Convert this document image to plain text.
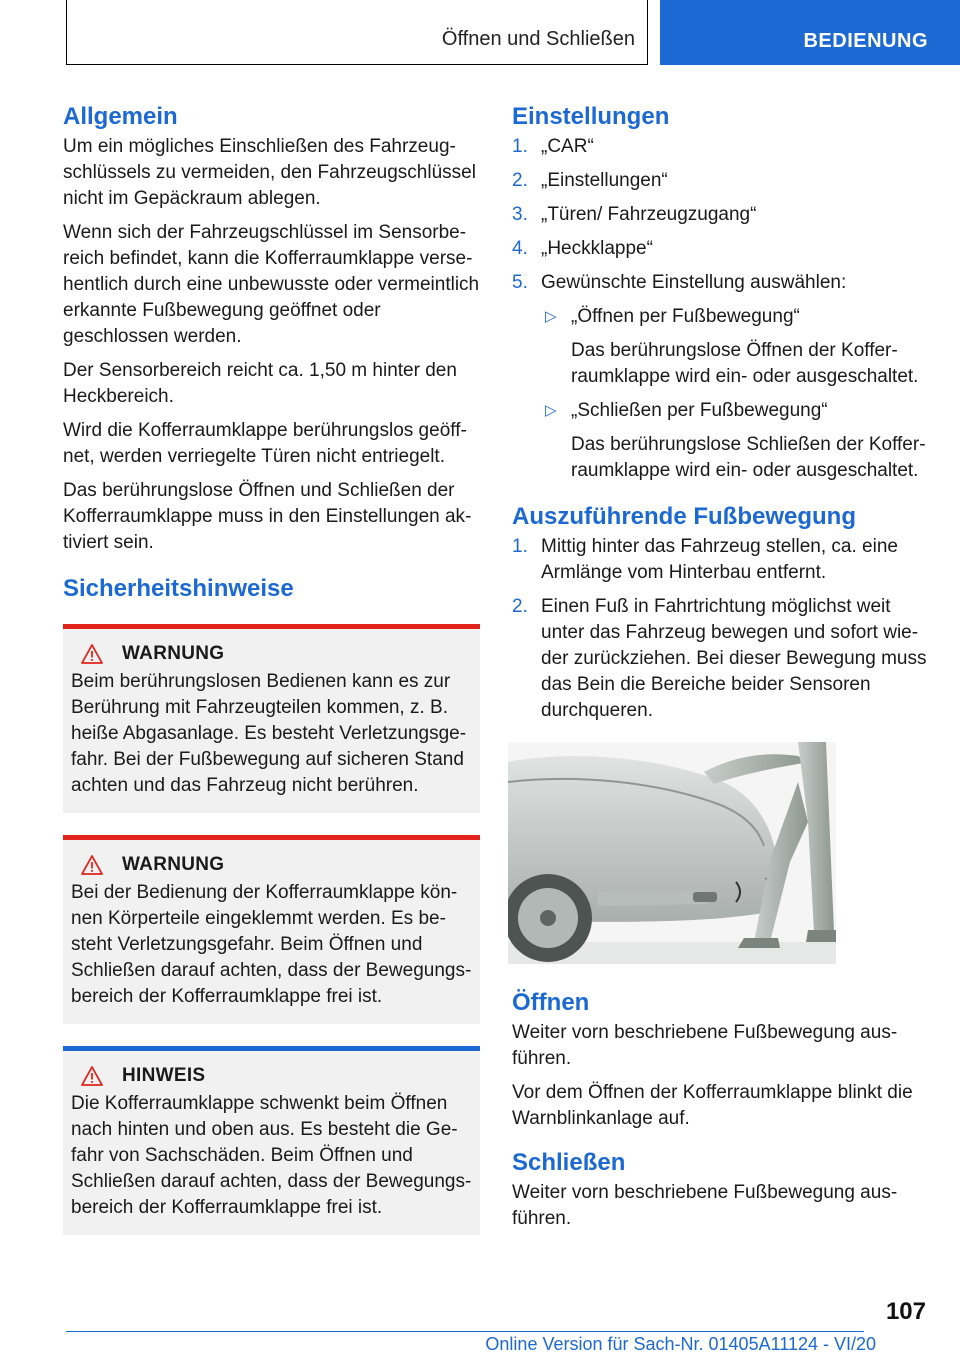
Öffnen und Schließen	BEDIENUNG
Allgemein

Um ein mögliches Einschließen des Fahrzeugschlüssels zu vermeiden, den Fahrzeugschlüssel nicht im Gepäckraum ablegen.

Wenn sich der Fahrzeugschlüssel im Sensorbereich befindet, kann die Kofferraumklappe versehentlich durch eine unbewusste oder vermeintlich erkannte Fußbewegung geöffnet oder geschlossen werden.

Der Sensorbereich reicht ca. 1,50 m hinter den Heckbereich.

Wird die Kofferraumklappe berührungslos geöffnet, werden verriegelte Türen nicht entriegelt.

Das berührungslose Öffnen und Schließen der Kofferraumklappe muss in den Einstellungen aktiviert sein.

Sicherheitshinweise
WARNUNG

Beim berührungslosen Bedienen kann es zur Berührung mit Fahrzeugteilen kommen, z. B. heiße Abgasanlage. Es besteht Verletzungsgefahr. Bei der Fußbewegung auf sicheren Stand achten und das Fahrzeug nicht berühren.

WARNUNG

Bei der Bedienung der Kofferraumklappe können Körperteile eingeklemmt werden. Es besteht Verletzungsgefahr. Beim Öffnen und Schließen darauf achten, dass der Bewegungsbereich der Kofferraumklappe frei ist.

HINWEIS

Die Kofferraumklappe schwenkt beim Öffnen nach hinten und oben aus. Es besteht die Gefahr von Sachschäden. Beim Öffnen und Schließen darauf achten, dass der Bewegungsbereich der Kofferraumklappe frei ist.

Einstellungen
1. „CAR“
2. „Einstellungen“
3. „Türen/ Fahrzeugzugang“
4. „Heckklappe“
5. Gewünschte Einstellung auswählen:
▷ „Öffnen per Fußbewegung“
Das berührungslose Öffnen der Kofferraumklappe wird ein- oder ausgeschaltet.
▷ „Schließen per Fußbewegung“
Das berührungslose Schließen der Kofferraumklappe wird ein- oder ausgeschaltet.
Auszuführende Fußbewegung
1. Mittig hinter das Fahrzeug stellen, ca. eine Armlänge vom Hinterbau entfernt.
2. Einen Fuß in Fahrtrichtung möglichst weit unter das Fahrzeug bewegen und sofort wieder zurückziehen. Bei dieser Bewegung muss das Bein die Bereiche beider Sensoren durchqueren.
Öffnen

Weiter vorn beschriebene Fußbewegung ausführen.

Vor dem Öffnen der Kofferraumklappe blinkt die Warnblinkanlage auf.

Schließen

Weiter vorn beschriebene Fußbewegung ausführen.

107
Online Version für Sach-Nr. 01405A11124 - VI/20
